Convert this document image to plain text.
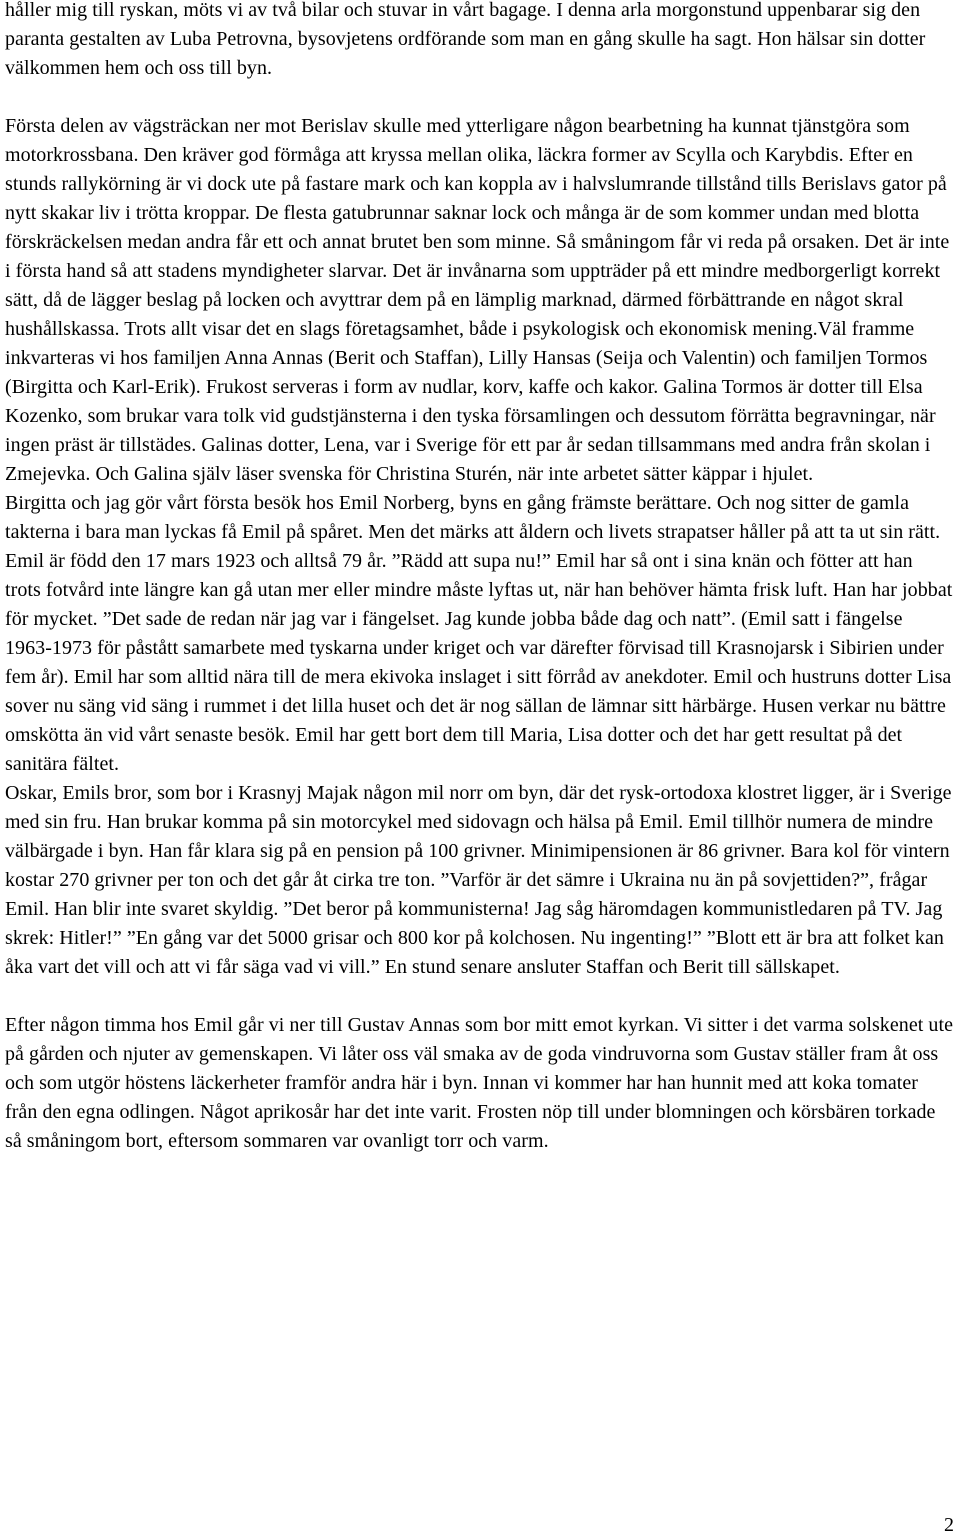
håller mig till ryskan, möts vi av två bilar och stuvar in vårt bagage. I denna arla morgonstund uppenbarar sig den paranta gestalten av Luba Petrovna, bysovjetens ordförande som man en gång skulle ha sagt. Hon hälsar sin dotter välkommen hem och oss till byn.

Första delen av vägsträckan ner mot Berislav skulle med ytterligare någon bearbetning ha kunnat tjänstgöra som motorkrossbana. Den kräver god förmåga att kryssa mellan olika, läckra former av Scylla och Karybdis. Efter en stunds rallykörning är vi dock ute på fastare mark och kan koppla av i halvslumrande tillstånd tills Berislavs gator på nytt skakar liv i trötta kroppar. De flesta gatubrunnar saknar lock och många är de som kommer undan med blotta förskräckelsen medan andra får ett och annat brutet ben som minne. Så småningom får vi reda på orsaken. Det är inte i första hand så att stadens myndigheter slarvar. Det är invånarna som uppträder på ett mindre medborgerligt korrekt sätt, då de lägger beslag på locken och avyttrar dem på en lämplig marknad, därmed förbättrande en något skral hushållskassa. Trots allt visar det en slags företagsamhet, både i psykologisk och ekonomisk mening.Väl framme inkvarteras vi hos familjen Anna Annas (Berit och Staffan), Lilly Hansas (Seija och Valentin) och familjen Tormos (Birgitta och Karl-Erik). Frukost serveras i form av nudlar, korv, kaffe och kakor. Galina Tormos är dotter till Elsa Kozenko, som brukar vara tolk vid gudstjänsterna i den tyska församlingen och dessutom förrätta begravningar, när ingen präst är tillstädes. Galinas dotter, Lena, var i Sverige för ett par år sedan tillsammans med andra från skolan i Zmejevka. Och Galina själv läser svenska för Christina Sturén, när inte arbetet sätter käppar i hjulet.

Birgitta och jag gör vårt första besök hos Emil Norberg, byns en gång främste berättare. Och nog sitter de gamla takterna i bara man lyckas få Emil på spåret. Men det märks att åldern och livets strapatser håller på att ta ut sin rätt. Emil är född den 17 mars 1923 och alltså 79 år. ”Rädd att supa nu!” Emil har så ont i sina knän och fötter att han trots fotvård inte längre kan gå utan mer eller mindre måste lyftas ut, när han behöver hämta frisk luft. Han har jobbat för mycket. ”Det sade de redan när jag var i fängelset. Jag kunde jobba både dag och natt”. (Emil satt i fängelse 1963-1973 för påstått samarbete med tyskarna under kriget och var därefter förvisad till Krasnojarsk i Sibirien under fem år). Emil har som alltid nära till de mera ekivoka inslaget i sitt förråd av anekdoter. Emil och hustruns dotter Lisa sover nu säng vid säng i rummet i det lilla huset och det är nog sällan de lämnar sitt härbärge. Husen verkar nu bättre omskötta än vid vårt senaste besök. Emil har gett bort dem till Maria, Lisa dotter och det har gett resultat på det sanitära fältet.

Oskar, Emils bror, som bor i Krasnyj Majak någon mil norr om byn, där det rysk-ortodoxa klostret ligger, är i Sverige med sin fru. Han brukar komma på sin motorcykel med sidovagn och hälsa på Emil. Emil tillhör numera de mindre välbärgade i byn. Han får klara sig på en pension på 100 grivner. Minimipensionen är 86 grivner. Bara kol för vintern kostar 270 grivner per ton och det går åt cirka tre ton. ”Varför är det sämre i Ukraina nu än på sovjettiden?”, frågar Emil. Han blir inte svaret skyldig. ”Det beror på kommunisterna! Jag såg häromdagen kommunistledaren på TV. Jag skrek: Hitler!” ”En gång var det 5000 grisar och 800 kor på kolchosen. Nu ingenting!” ”Blott ett är bra att folket kan åka vart det vill och att vi får säga vad vi vill.” En stund senare ansluter Staffan och Berit till sällskapet.

Efter någon timma hos Emil går vi ner till Gustav Annas som bor mitt emot kyrkan. Vi sitter i det varma solskenet ute på gården och njuter av gemenskapen. Vi låter oss väl smaka av de goda vindruvorna som Gustav ställer fram åt oss och som utgör höstens läckerheter framför andra här i byn. Innan vi kommer har han hunnit med att koka tomater från den egna odlingen. Något aprikosår har det inte varit. Frosten nöp till under blomningen och körsbären torkade så småningom bort, eftersom sommaren var ovanligt torr och varm.

2
